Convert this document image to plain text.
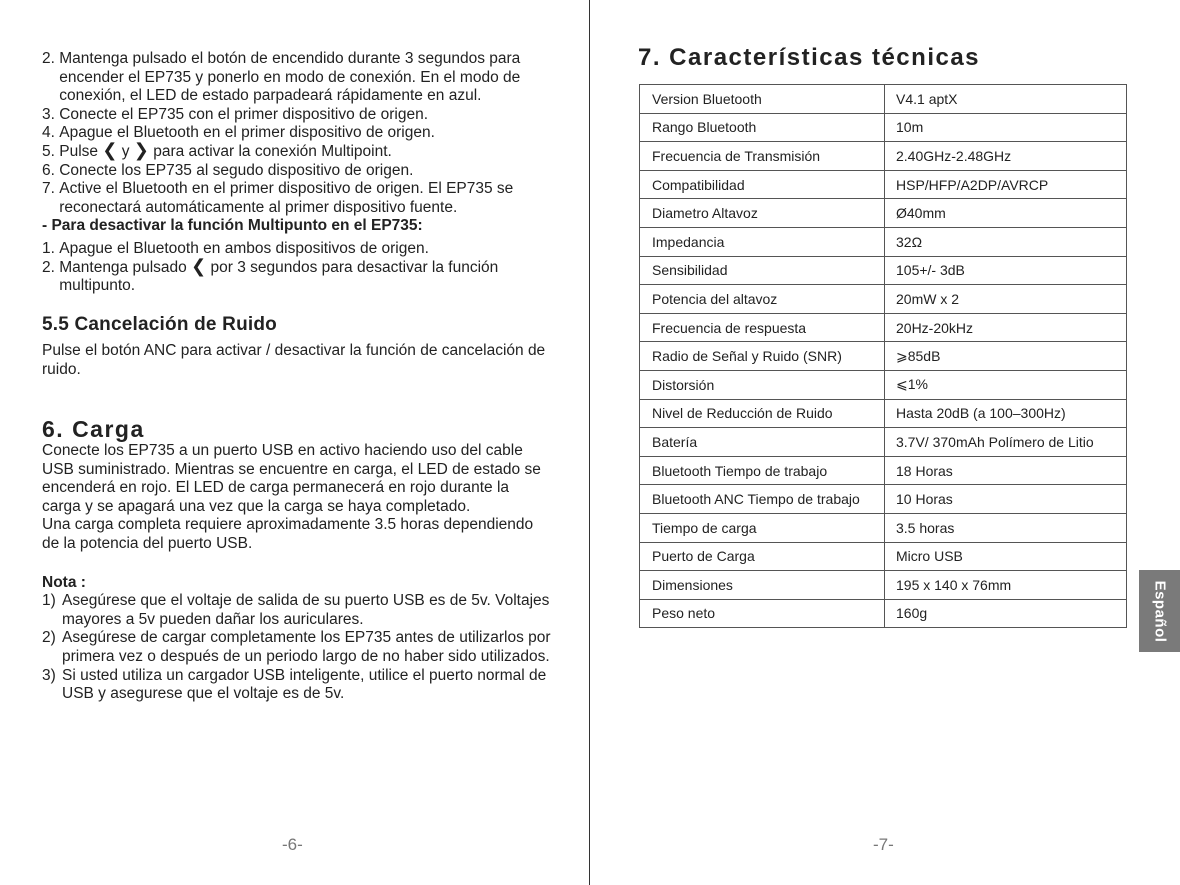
2. Mantenga pulsado el botón de encendido durante 3 segundos para encender el EP735 y ponerlo en modo de conexión. En el modo de conexión, el LED de estado parpadeará rápidamente en azul.
3. Conecte el EP735 con el primer dispositivo de origen.
4. Apague el Bluetooth en el primer dispositivo de origen.
5. Pulse ❮ y ❯ para activar la conexión Multipoint.
6. Conecte los EP735 al segudo dispositivo de origen.
7. Active el Bluetooth en el primer dispositivo de origen. El EP735 se reconectará automáticamente al primer dispositivo fuente.
- Para desactivar la función Multipunto en el EP735:
1. Apague el Bluetooth en ambos dispositivos de origen.
2. Mantenga pulsado ❮ por 3 segundos para desactivar la función multipunto.
5.5 Cancelación de Ruido

Pulse el botón ANC para activar / desactivar la función de cancelación de ruido.

6. Carga

Conecte los EP735 a un puerto USB en activo haciendo uso del cable USB suministrado. Mientras se encuentre en carga, el LED de estado se encenderá en rojo. El LED de carga permanecerá en rojo durante la carga y se apagará una vez que la carga se haya completado.

Una carga completa requiere aproximadamente 3.5 horas dependiendo de la potencia del puerto USB.

Nota :
1) Asegúrese que el voltaje de salida de su puerto USB es de 5v. Voltajes mayores a 5v pueden dañar los auriculares.
2) Asegúrese de cargar completamente los EP735 antes de utilizarlos por primera vez o después de un periodo largo de no haber sido utilizados.
3) Si usted utiliza un cargador USB inteligente, utilice el puerto normal de USB y asegurese que el voltaje es de 5v.
-6-
7. Características técnicas
Version Bluetooth	V4.1 aptX
Rango Bluetooth	10m
Frecuencia de Transmisión	2.40GHz-2.48GHz
Compatibilidad	HSP/HFP/A2DP/AVRCP
Diametro Altavoz	Ø40mm
Impedancia	32Ω
Sensibilidad	105+/- 3dB
Potencia del altavoz	20mW x 2
Frecuencia de respuesta	20Hz-20kHz
Radio de Señal y Ruido (SNR)	⩾85dB
Distorsión	⩽1%
Nivel de Reducción de Ruido	Hasta 20dB (a 100–300Hz)
Batería	3.7V/ 370mAh Polímero de Litio
Bluetooth Tiempo de trabajo	18 Horas
Bluetooth ANC Tiempo de trabajo	10 Horas
Tiempo de carga	3.5 horas
Puerto de Carga	Micro USB
Dimensiones	195 x 140 x 76mm
Peso neto	160g
-7-
Español
